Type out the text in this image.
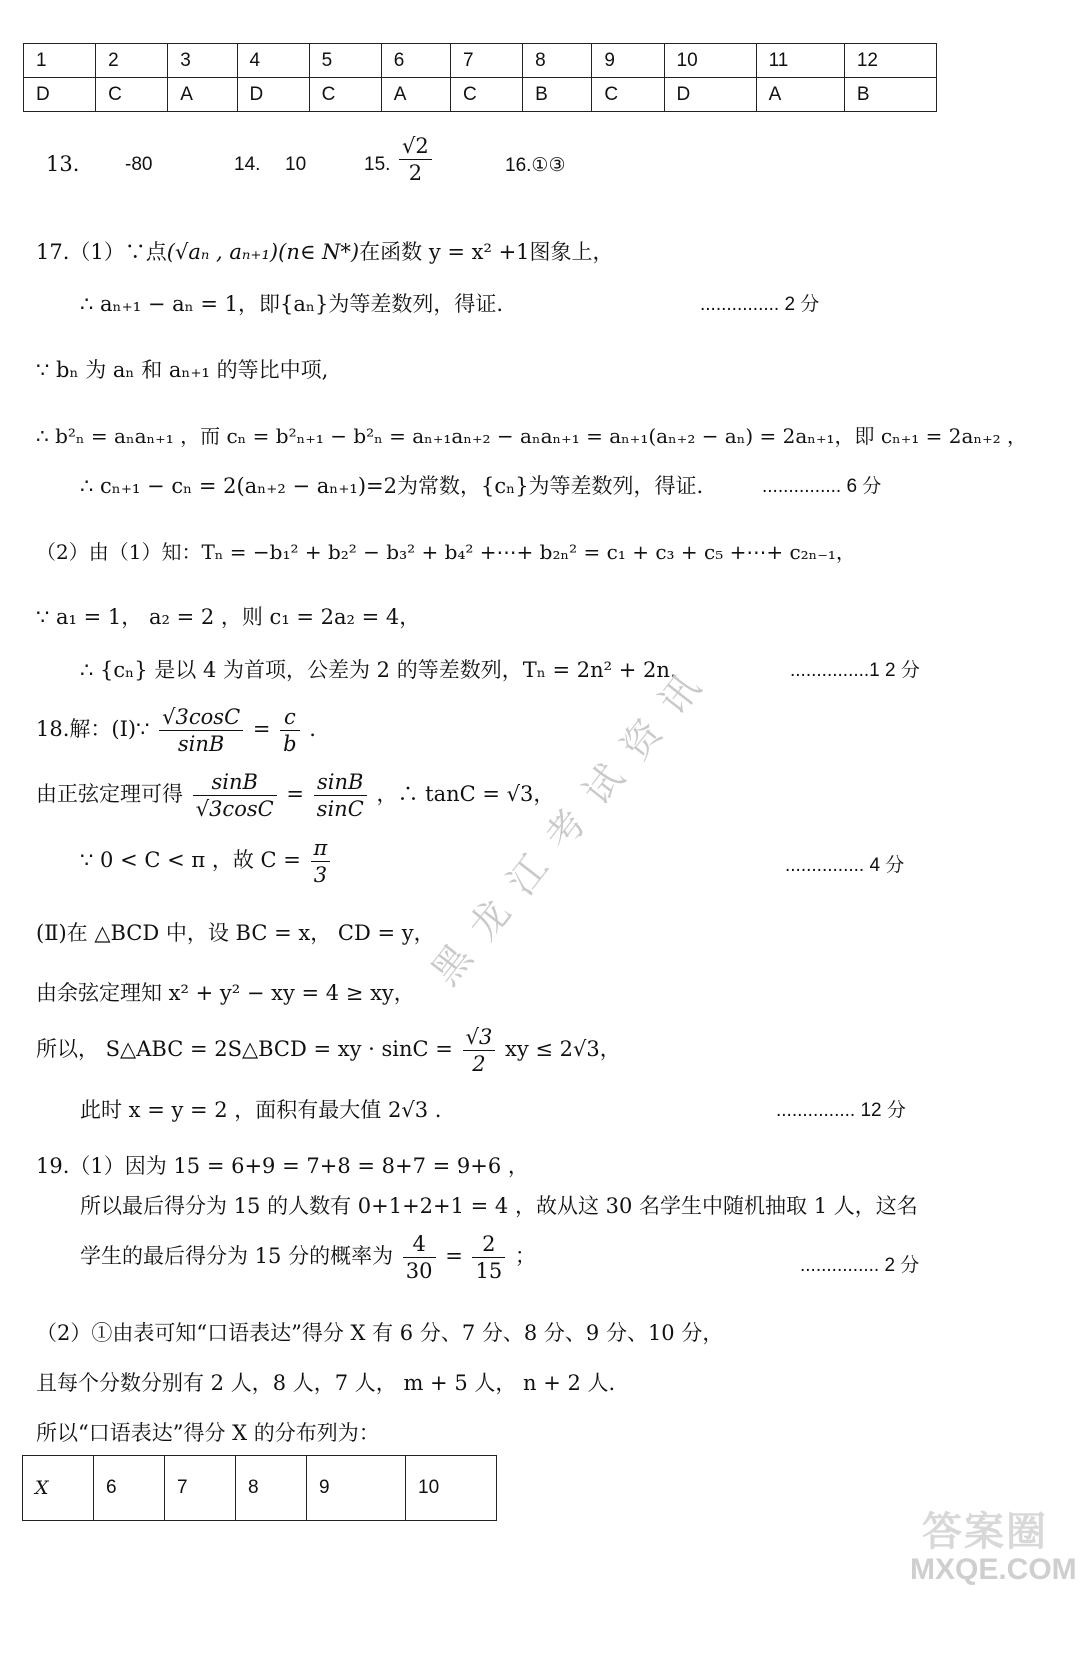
1	2	3	4	5	6	7	8	9	10	11	12
D	C	A	D	C	A	C	B	C	D	A	B
13. -80	14. 10	15. $\frac{√2}{2}$	16.①③
17.（1）∵点(√aₙ , aₙ₊₁)(n∈ N*)在函数 y = x² +1图象上，
∴ aₙ₊₁ − aₙ = 1，即{aₙ}为等差数列，得证.	............... 2 分
∵ bₙ 为 aₙ 和 aₙ₊₁ 的等比中项,
∴ b²ₙ = aₙaₙ₊₁ ，而 cₙ = b²ₙ₊₁ − b²ₙ = aₙ₊₁aₙ₊₂ − aₙaₙ₊₁ = aₙ₊₁(aₙ₊₂ − aₙ) = 2aₙ₊₁，即 cₙ₊₁ = 2aₙ₊₂ ，
∴ cₙ₊₁ − cₙ = 2(aₙ₊₂ − aₙ₊₁)=2为常数，{cₙ}为等差数列，得证.	............... 6 分
（2）由（1）知：Tₙ = −b₁² + b₂² − b₃² + b₄² +⋯+ b₂ₙ² = c₁ + c₃ + c₅ +⋯+ c₂ₙ₋₁，
∵ a₁ = 1， a₂ = 2 ，则 c₁ = 2a₂ = 4，
∴ {cₙ} 是以 4 为首项，公差为 2 的等差数列，Tₙ = 2n² + 2n.	...............1 2 分
18.解：(Ⅰ)∵ $\frac{√3\cos C}{\sin B} = \frac{c}{b}$ .
由正弦定理可得 $\frac{\sin B}{√3\cos C} = \frac{\sin B}{\sin C}$ ，∴ tanC = √3，
∵ 0 < C < π ，故 $C = \frac{\pi}{3}$	............... 4 分
(Ⅱ)在 △BCD 中，设 BC = x， CD = y，
由余弦定理知 x² + y² − xy = 4 ≥ xy，
所以， S△ABC = 2S△BCD = xy · $\sin C = \frac{√3}{2}$ xy ≤ 2√3，
此时 x = y = 2 ，面积有最大值 2√3 .	............... 12 分
19.（1）因为 15 = 6+9 = 7+8 = 8+7 = 9+6 ，
所以最后得分为 15 的人数有 0+1+2+1 = 4 ，故从这 30 名学生中随机抽取 1 人，这名
学生的最后得分为 15 分的概率为 $\frac{4}{30} = \frac{2}{15}$ ；	............... 2 分
（2）①由表可知“口语表达”得分 X 有 6 分、7 分、8 分、9 分、10 分，
且每个分数分别有 2 人，8 人，7 人， m + 5 人， n + 2 人.
所以“口语表达”得分 X 的分布列为：
X	6	7	8	9	10
黑
龙
江
考
试
资
讯
答案圈
MXQE.COM
